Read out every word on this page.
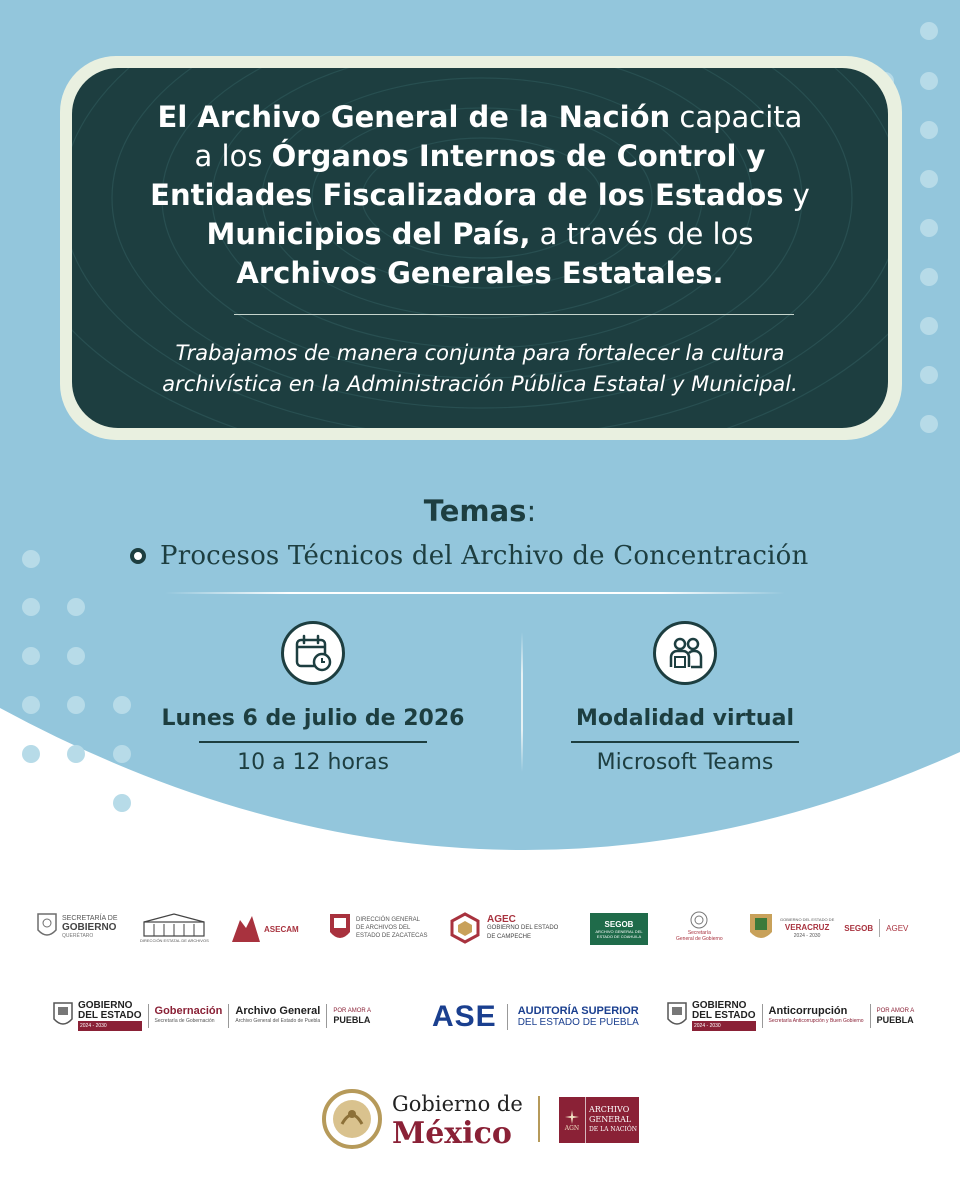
El Archivo General de la Nación capacita
a los Órganos Internos de Control y
Entidades Fiscalizadora de los Estados y
Municipios del País, a través de los
Archivos Generales Estatales.
Trabajamos de manera conjunta para fortalecer la cultura
archivística en la Administración Pública Estatal y Municipal.
Temas:
Procesos Técnicos del Archivo de Concentración
Lunes 6 de julio de 2026
10 a 12 horas
Modalidad virtual
Microsoft Teams
SECRETARÍA DE
GOBIERNO
QUERÉTARO
DIRECCIÓN ESTATAL DE ARCHIVOS
ASECAM
DIRECCIÓN GENERAL
DE ARCHIVOS DEL
ESTADO DE ZACATECAS
AGEC
GOBIERNO DEL ESTADO
DE CAMPECHE
SEGOB
ARCHIVO GENERAL DEL
ESTADO DE COAHUILA	Secretaría
General de Gobierno
GOBIERNO DEL ESTADO DE
VERACRUZ
2024 - 2030
SEGOB AGEV
GOBIERNO
DEL ESTADO
2024 - 2030
Gobernación
Secretaría de Gobernación
Archivo General
Archivo General del Estado de Puebla
POR AMOR A
PUEBLA ASE AUDITORÍA SUPERIOR
DEL ESTADO DE PUEBLA
GOBIERNO
DEL ESTADO
2024 - 2030
Anticorrupción
Secretaría Anticorrupción y Buen Gobierno
POR AMOR A
PUEBLA
Gobierno de
México	AGN
ARCHIVO
GENERAL
DE LA NACIÓN
